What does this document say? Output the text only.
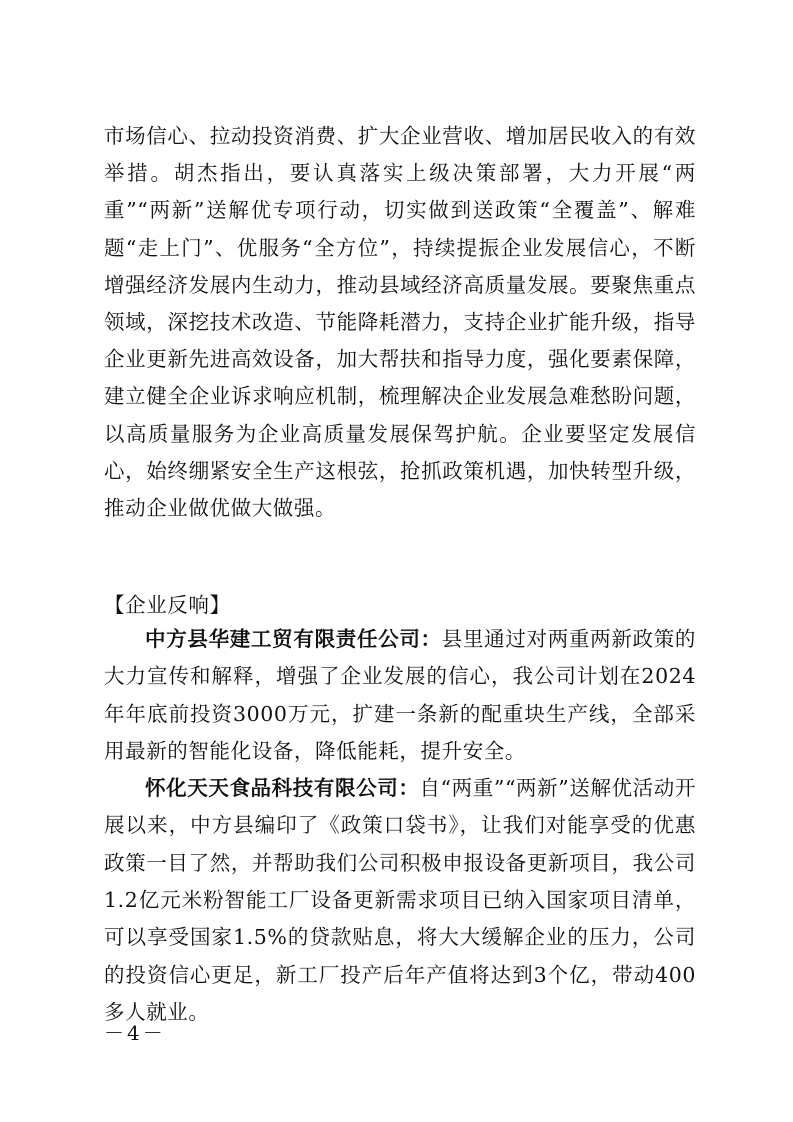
市场信心、拉动投资消费、扩大企业营收、增加居民收入的有效举措。胡杰指出，要认真落实上级决策部署，大力开展“两重”“两新”送解优专项行动，切实做到送政策“全覆盖”、解难题“走上门”、优服务“全方位”，持续提振企业发展信心，不断增强经济发展内生动力，推动县域经济高质量发展。要聚焦重点领域，深挖技术改造、节能降耗潜力，支持企业扩能升级，指导企业更新先进高效设备，加大帮扶和指导力度，强化要素保障，建立健全企业诉求响应机制，梳理解决企业发展急难愁盼问题，以高质量服务为企业高质量发展保驾护航。企业要坚定发展信心，始终绷紧安全生产这根弦，抢抓政策机遇，加快转型升级，推动企业做优做大做强。

【企业反响】

中方县华建工贸有限责任公司：县里通过对两重两新政策的大力宣传和解释，增强了企业发展的信心，我公司计划在2024年年底前投资3000万元，扩建一条新的配重块生产线，全部采用最新的智能化设备，降低能耗，提升安全。

怀化天天食品科技有限公司：自“两重”“两新”送解优活动开展以来，中方县编印了《政策口袋书》，让我们对能享受的优惠政策一目了然，并帮助我们公司积极申报设备更新项目，我公司1.2亿元米粉智能工厂设备更新需求项目已纳入国家项目清单，可以享受国家1.5%的贷款贴息，将大大缓解企业的压力，公司的投资信心更足，新工厂投产后年产值将达到3个亿，带动400多人就业。

－4－
